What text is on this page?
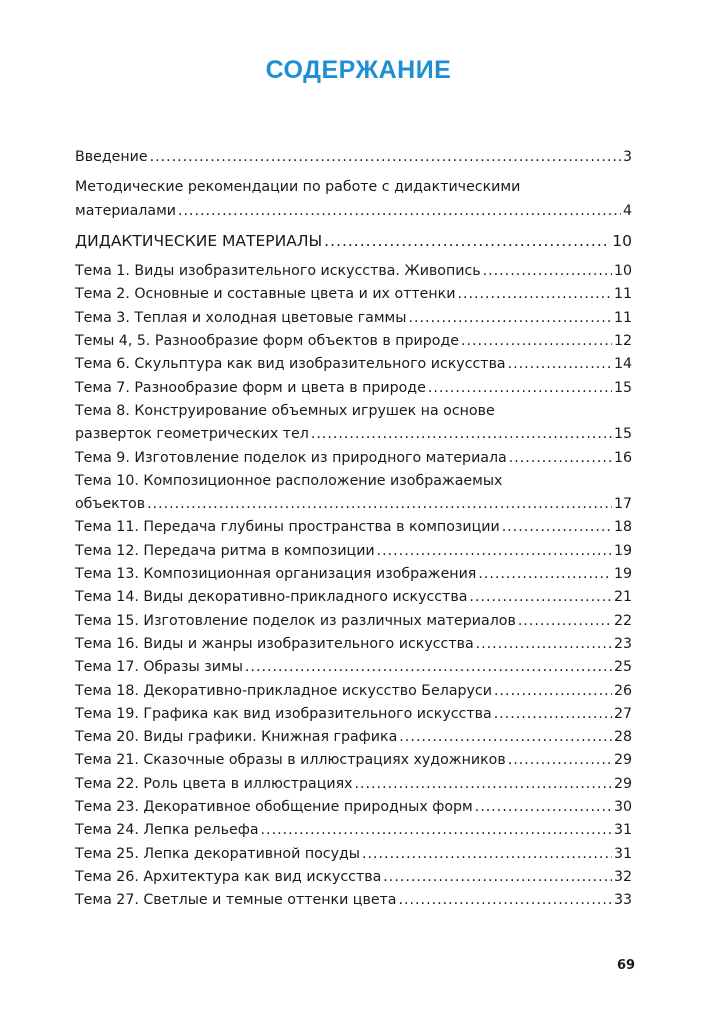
СОДЕРЖАНИЕ
Введение .....	3
Методические рекомендации по работе с дидактическими
материалами .....	4
ДИДАКТИЧЕСКИЕ МАТЕРИАЛЫ .....	10
Тема 1. Виды изобразительного искусства. Живопись .....	10
Тема 2. Основные и составные цвета и их оттенки .....	11
Тема 3. Теплая и холодная цветовые гаммы .....	11
Темы 4, 5. Разнообразие форм объектов в природе .....	12
Тема 6. Скульптура как вид изобразительного искусства .....	14
Тема 7. Разнообразие форм и цвета в природе .....	15
Тема 8. Конструирование объемных игрушек на основе
разверток геометрических тел .....	15
Тема 9. Изготовление поделок из природного материала .....	16
Тема 10. Композиционное расположение изображаемых
объектов .....	17
Тема 11. Передача глубины пространства в композиции .....	18
Тема 12. Передача ритма в композиции .....	19
Тема 13. Композиционная организация изображения .....	19
Тема 14. Виды декоративно-прикладного искусства .....	21
Тема 15. Изготовление поделок из различных материалов .....	22
Тема 16. Виды и жанры изобразительного искусства .....	23
Тема 17. Образы зимы .....	25
Тема 18. Декоративно-прикладное искусство Беларуси .....	26
Тема 19. Графика как вид изобразительного искусства .....	27
Тема 20. Виды графики. Книжная графика .....	28
Тема 21. Сказочные образы в иллюстрациях художников .....	29
Тема 22. Роль цвета в иллюстрациях .....	29
Тема 23. Декоративное обобщение природных форм .....	30
Тема 24. Лепка рельефа .....	31
Тема 25. Лепка декоративной посуды .....	31
Тема 26. Архитектура как вид искусства .....	32
Тема 27. Светлые и темные оттенки цвета .....	33
69
